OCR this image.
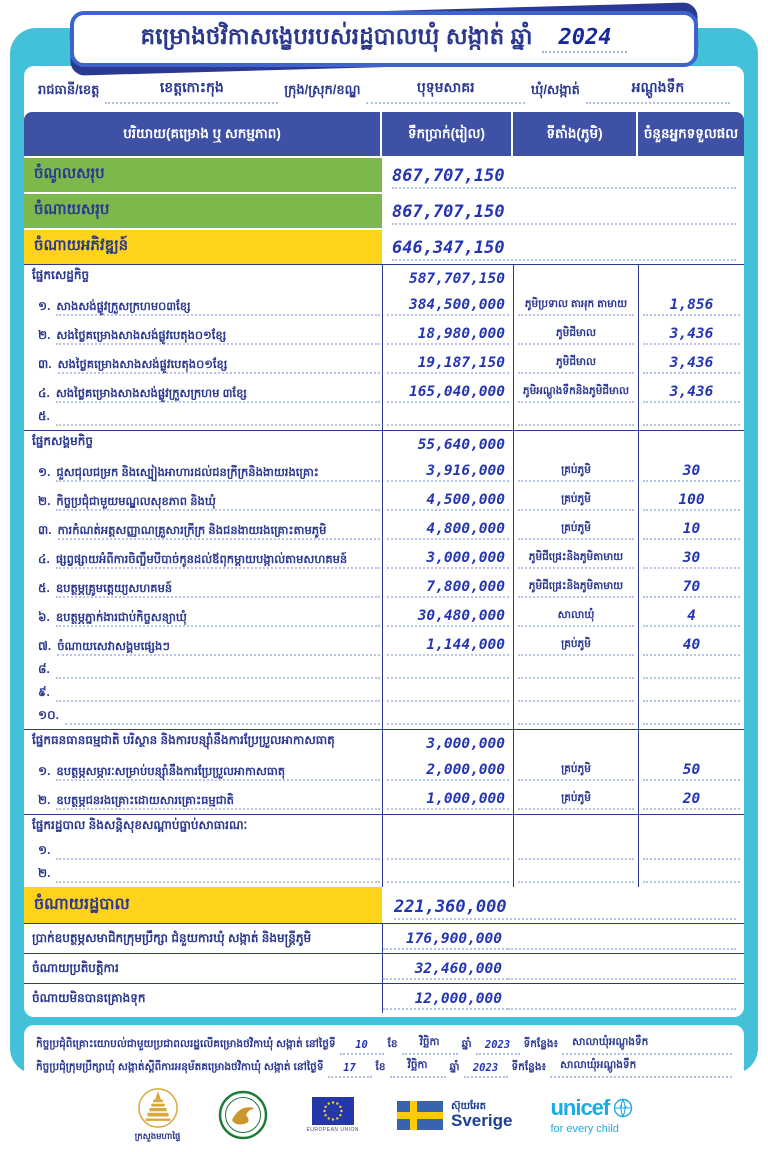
គម្រោងថវិកាសង្ខេបរបស់រដ្ឋបាលឃុំ សង្កាត់ ឆ្នាំ	2024
រាជធានី/ខេត្ត	ខេត្តកោះកុង	ក្រុង/ស្រុក/ខណ្ឌ	បុទុមសាគរ	ឃុំ/សង្កាត់	អណ្តូងទឹក
បរិយាយ(គម្រោង ឬ សកម្មភាព)	ទឹកប្រាក់(រៀល)	ទីតាំង(ភូមិ)	ចំនួនអ្នកទទួលផល
ចំណូលសរុប	867,707,150
ចំណាយសរុប	867,707,150
ចំណាយអភិវឌ្ឍន៍	646,347,150
ផ្នែកសេដ្ឋកិច្ច	587,707,150
១. សាងសង់ផ្លូវក្រួសក្រហម០៣ខ្សែ	384,500,000 ភូមិប្រទាល តាអុក តាមាយ	1,856
២. សងថ្លៃគម្រោងសាងសង់ផ្លូវបេតុង០១ខ្សែ	18,980,000	ភូមិជីមាល	3,436
៣. សងថ្លៃគម្រោងសាងសង់ផ្លូវបេតុង០១ខ្សែ	19,187,150	ភូមិជីមាល	3,436
៤. សងថ្លៃគម្រោងសាងសង់ផ្លូវក្រួសក្រហម ៣ខ្សែ	165,040,000 ភូមិអណ្តូងទឹកនិងភូមិជីមាល	3,436
៥.
ផ្នែកសង្គមកិច្ច	55,640,000
១. ជួសជុលជម្រក និងស្បៀងអាហារដល់ជនក្រីក្រនិងងាយរងគ្រោះ	3,916,000	គ្រប់ភូមិ	30
២. កិច្ចប្រជុំជាមួយមណ្ឌលសុខភាព និងឃុំ	4,500,000	គ្រប់ភូមិ	100
៣. ការកំណត់អត្តសញ្ញាណគ្រួសារក្រីក្រ និងជនងាយរងគ្រោះតាមភូមិ	4,800,000	គ្រប់ភូមិ	10
៤. ផ្សព្វផ្សាយអំពីការចិញ្ចឹមបីបាច់កូនដល់ឪពុកម្តាយបង្កាល់តាមសហគមន៍	3,000,000 ភូមិជីផ្រេះនិងភូមិតាមាយ	30
៥. ឧបត្ថម្ភគ្រូមត្តេយ្យសហគមន៍	7,800,000 ភូមិជីផ្រេះនិងភូមិតាមាយ	70
៦. ឧបត្ថម្ភភ្នាក់ងារជាប់កិច្ចសន្យាឃុំ	30,480,000	សាលាឃុំ	4
៧. ចំណាយសេវាសង្គមផ្សេងៗ	1,144,000	គ្រប់ភូមិ	40
៨.
៩.
១០.
ផ្នែកធនធានធម្មជាតិ បរិស្ថាន និងការបន្ស៊ាំនឹងការប្រែប្រួលអាកាសធាតុ	3,000,000
១. ឧបត្ថម្ភសម្ភារៈសម្រាប់បន្ស៊ាំនឹងការប្រែប្រួលអាកាសធាតុ	2,000,000	គ្រប់ភូមិ	50
២. ឧបត្ថម្ភជនរងគ្រោះដោយសារគ្រោះធម្មជាតិ	1,000,000	គ្រប់ភូមិ	20
ផ្នែករដ្ឋបាល និងសន្តិសុខសណ្តាប់ធ្នាប់សាធារណៈ
១.
២.
ចំណាយរដ្ឋបាល	221,360,000
ប្រាក់ឧបត្ថម្ភសមាជិកក្រុមប្រឹក្សា ជំនួយការឃុំ សង្កាត់ និងមន្ត្រីភូមិ	176,900,000
ចំណាយប្រតិបត្តិការ	32,460,000
ចំណាយមិនបានគ្រោងទុក	12,000,000
កិច្ចប្រជុំពិគ្រោះយោបល់ជាមួយប្រជាពលរដ្ឋលើគម្រោងថវិកាឃុំ សង្កាត់ នៅថ្ងៃទី	10	ខែ	វិច្ឆិកា	ឆ្នាំ	2023	ទីកន្លែង៖	សាលាឃុំអណ្តូងទឹក
កិច្ចប្រជុំក្រុមប្រឹក្សាឃុំ សង្កាត់ស្តីពីការអនុម័តគម្រោងថវិកាឃុំ សង្កាត់ នៅថ្ងៃទី	17	ខែ	វិច្ឆិកា	ឆ្នាំ	2023	ទីកន្លែង៖	សាលាឃុំអណ្តូងទឹក
ក្រសួងមហាផ្ទៃ
EUROPEAN UNION
ស៊ុយអែត
Sverige unicef
for every child
